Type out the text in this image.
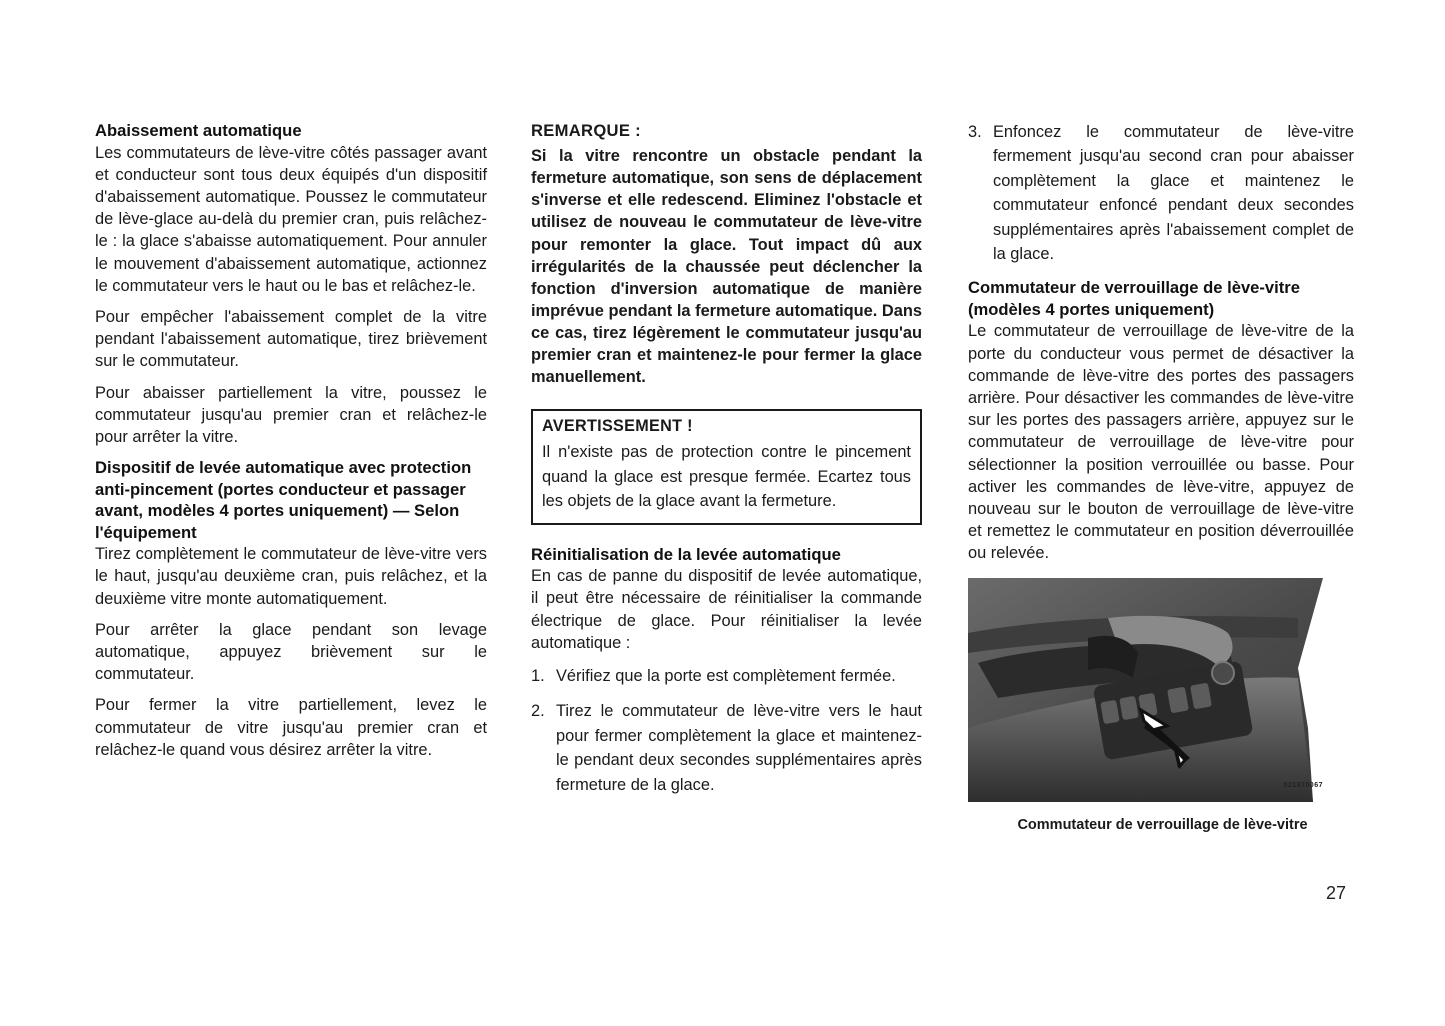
Abaissement automatique

Les commutateurs de lève-vitre côtés passager avant et conducteur sont tous deux équipés d'un dispositif d'abaissement automatique. Poussez le commutateur de lève-glace au-delà du premier cran, puis relâchez-le : la glace s'abaisse automatiquement. Pour annuler le mouvement d'abaissement automatique, actionnez le commutateur vers le haut ou le bas et relâchez-le.

Pour empêcher l'abaissement complet de la vitre pendant l'abaissement automatique, tirez brièvement sur le commutateur.

Pour abaisser partiellement la vitre, poussez le commutateur jusqu'au premier cran et relâchez-le pour arrêter la vitre.

Dispositif de levée automatique avec protection anti-pincement (portes conducteur et passager avant, modèles 4 portes uniquement) — Selon l'équipement

Tirez complètement le commutateur de lève-vitre vers le haut, jusqu'au deuxième cran, puis relâchez, et la deuxième vitre monte automatiquement.

Pour arrêter la glace pendant son levage automatique, appuyez brièvement sur le commutateur.

Pour fermer la vitre partiellement, levez le commutateur de vitre jusqu'au premier cran et relâchez-le quand vous désirez arrêter la vitre.

REMARQUE :

Si la vitre rencontre un obstacle pendant la fermeture automatique, son sens de déplacement s'inverse et elle redescend. Eliminez l'obstacle et utilisez de nouveau le commutateur de lève-vitre pour remonter la glace. Tout impact dû aux irrégularités de la chaussée peut déclencher la fonction d'inversion automatique de manière imprévue pendant la fermeture automatique. Dans ce cas, tirez légèrement le commutateur jusqu'au premier cran et maintenez-le pour fermer la glace manuellement.

AVERTISSEMENT !

Il n'existe pas de protection contre le pincement quand la glace est presque fermée. Ecartez tous les objets de la glace avant la fermeture.

Réinitialisation de la levée automatique

En cas de panne du dispositif de levée automatique, il peut être nécessaire de réinitialiser la commande électrique de glace. Pour réinitialiser la levée automatique :

1. Vérifiez que la porte est complètement fermée.
2. Tirez le commutateur de lève-vitre vers le haut pour fermer complètement la glace et maintenez-le pendant deux secondes supplémentaires après fermeture de la glace.
3. Enfoncez le commutateur de lève-vitre fermement jusqu'au second cran pour abaisser complètement la glace et maintenez le commutateur enfoncé pendant deux secondes supplémentaires après l'abaissement complet de la glace.
Commutateur de verrouillage de lève-vitre (modèles 4 portes uniquement)

Le commutateur de verrouillage de lève-vitre de la porte du conducteur vous permet de désactiver la commande de lève-vitre des portes des passagers arrière. Pour désactiver les commandes de lève-vitre sur les portes des passagers arrière, appuyez sur le commutateur de verrouillage de lève-vitre pour sélectionner la position verrouillée ou basse. Pour activer les commandes de lève-vitre, appuyez de nouveau sur le bouton de verrouillage de lève-vitre et remettez le commutateur en position déverrouillée ou relevée.

021970067
Commutateur de verrouillage de lève-vitre
27
